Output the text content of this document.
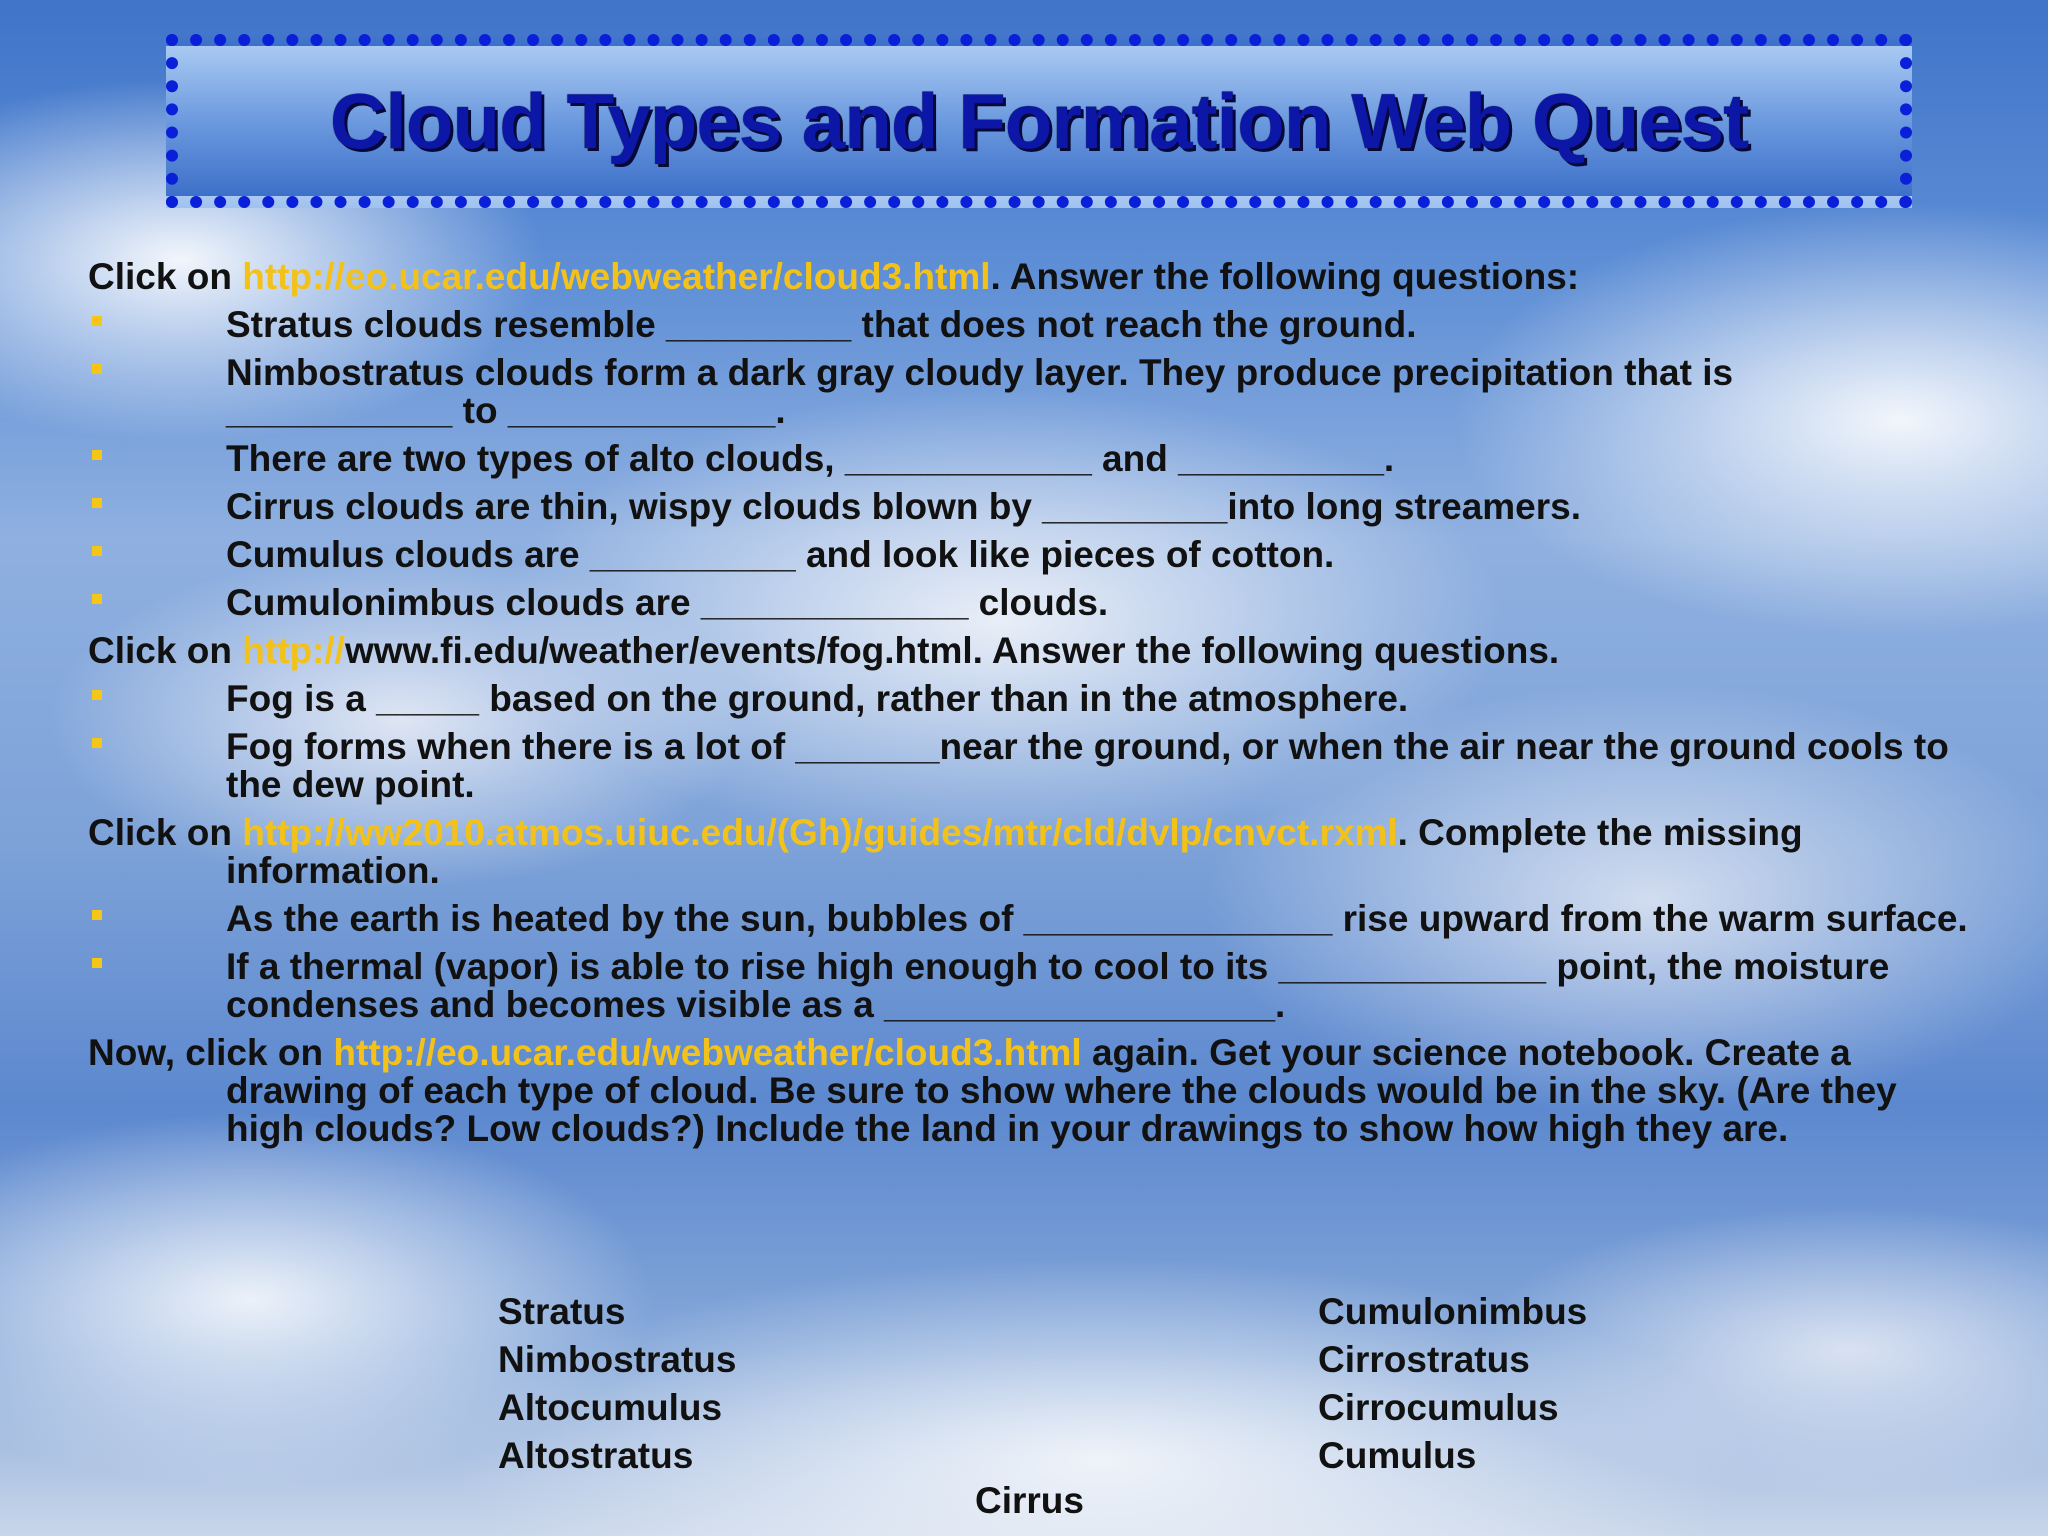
Cloud Types and Formation Web Quest
Click on http://eo.ucar.edu/webweather/cloud3.html. Answer the following questions:
Stratus clouds resemble _________ that does not reach the ground.
Nimbostratus clouds form a dark gray cloudy layer. They produce precipitation that is ___________ to _____________.
There are two types of alto clouds, ____________ and __________.
Cirrus clouds are thin, wispy clouds blown by _________into long streamers.
Cumulus clouds are __________ and look like pieces of cotton.
Cumulonimbus clouds are _____________ clouds.
Click on http://www.fi.edu/weather/events/fog.html. Answer the following questions.
Fog is a _____ based on the ground, rather than in the atmosphere.
Fog forms when there is a lot of _______near the ground, or when the air near the ground cools to the dew point.
Click on http://ww2010.atmos.uiuc.edu/(Gh)/guides/mtr/cld/dvlp/cnvct.rxml. Complete the missing information.
As the earth is heated by the sun, bubbles of _______________ rise upward from the warm surface.
If a thermal (vapor) is able to rise high enough to cool to its _____________ point, the moisture condenses and becomes visible as a ___________________.
Now, click on http://eo.ucar.edu/webweather/cloud3.html again. Get your science notebook. Create a drawing of each type of cloud. Be sure to show where the clouds would be in the sky. (Are they high clouds? Low clouds?) Include the land in your drawings to show how high they are.
Stratus
Nimbostratus
Altocumulus
Altostratus
Cumulonimbus
Cirrostratus
Cirrocumulus
Cumulus
Cirrus
